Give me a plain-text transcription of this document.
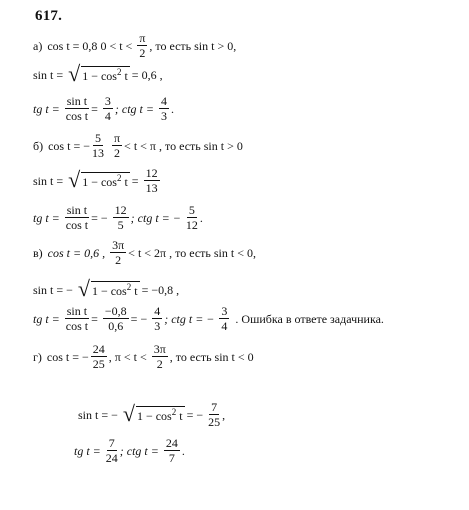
617.
а) cos t = 0,8 $0 < t < \frac{\pi}{2}$ , то есть sin t > 0,
sin t = √ $1 - \cos^2 t = 0,6$ ,
tg $t = \frac{\text{sin t}}{\text{cos t}} = \frac{3}{4}$ ; ctg $t = \frac{4}{3}$ .
б) cos t = − $\frac{5}{13} \frac{\pi}{2} < t < \pi$ , то есть sin t > 0
sin t = √ $1 - \cos^2 t = \frac{12}{13}$
tg $t = \frac{\text{sin t}}{\text{cos t}}$ = − $\frac{12}{5}$ ; ctg t = − $\frac{5}{12}$ .
в) cos t = 0,6 , $\frac{3\pi}{2} < t < 2\pi$ , то есть sin t < 0,
sin t = − √ $1 - \cos^2 t = -0,8$ ,
tg $t = \frac{\text{sin t}}{\text{cos t}} = \frac{-0,8}{0,6}$ = − $\frac{4}{3}$ ; ctg t = − $\frac{3}{4}$ . Ошибка в ответе задачника.
г) cos t = − $\frac{24}{25}$ , $\pi < t < \frac{3\pi}{2}$ , то есть sin t < 0
sin t = − √ $1 - \cos^2 t$ = − $\frac{7}{25}$ ,
tg $t = \frac{7}{24}$ ; ctg $t = \frac{24}{7}$ .
